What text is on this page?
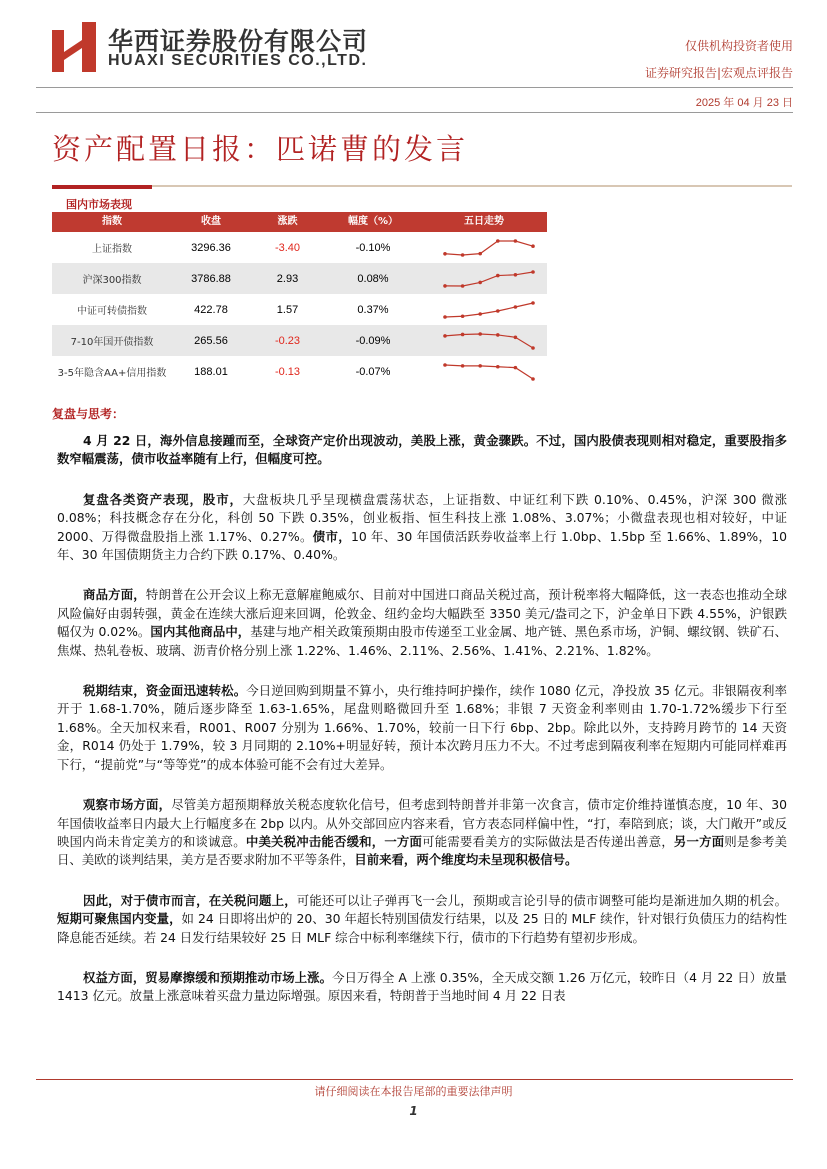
华西证券股份有限公司
HUAXI SECURITIES CO.,LTD.
仅供机构投资者使用
证券研究报告|宏观点评报告
2025 年 04 月 23 日
资产配置日报：匹诺曹的发言
国内市场表现
指数	收盘	涨跌	幅度（%）	五日走势
上证指数	3296.36	-3.40	-0.10%
沪深300指数	3786.88	2.93	0.08%
中证可转债指数	422.78	1.57	0.37%
7-10年国开债指数	265.56	-0.23	-0.09%
3-5年隐含AA+信用指数	188.01	-0.13	-0.07%
复盘与思考：

4 月 22 日，海外信息接踵而至，全球资产定价出现波动，美股上涨，黄金骤跌。不过，国内股债表现则相对稳定，重要股指多数窄幅震荡，债市收益率随有上行，但幅度可控。

复盘各类资产表现，股市，大盘板块几乎呈现横盘震荡状态，上证指数、中证红利下跌 0.10%、0.45%，沪深 300 微涨 0.08%；科技概念存在分化，科创 50 下跌 0.35%，创业板指、恒生科技上涨 1.08%、3.07%；小微盘表现也相对较好，中证 2000、万得微盘股指上涨 1.17%、0.27%。债市，10 年、30 年国债活跃券收益率上行 1.0bp、1.5bp 至 1.66%、1.89%，10 年、30 年国债期货主力合约下跌 0.17%、0.40%。

商品方面，特朗普在公开会议上称无意解雇鲍威尔、目前对中国进口商品关税过高，预计税率将大幅降低，这一表态也推动全球风险偏好由弱转强，黄金在连续大涨后迎来回调，伦敦金、纽约金均大幅跌至 3350 美元/盎司之下，沪金单日下跌 4.55%，沪银跌幅仅为 0.02%。国内其他商品中，基建与地产相关政策预期由股市传递至工业金属、地产链、黑色系市场，沪铜、螺纹钢、铁矿石、焦煤、热轧卷板、玻璃、沥青价格分别上涨 1.22%、1.46%、2.11%、2.56%、1.41%、2.21%、1.82%。

税期结束，资金面迅速转松。今日逆回购到期量不算小，央行维持呵护操作，续作 1080 亿元，净投放 35 亿元。非银隔夜利率开于 1.68-1.70%，随后逐步降至 1.63-1.65%，尾盘则略微回升至 1.68%；非银 7 天资金利率则由 1.70-1.72%缓步下行至 1.68%。全天加权来看，R001、R007 分别为 1.66%、1.70%，较前一日下行 6bp、2bp。除此以外，支持跨月跨节的 14 天资金，R014 仍处于 1.79%，较 3 月同期的 2.10%+明显好转，预计本次跨月压力不大。不过考虑到隔夜利率在短期内可能同样难再下行，“提前党”与“等等党”的成本体验可能不会有过大差异。

观察市场方面，尽管美方超预期释放关税态度软化信号，但考虑到特朗普并非第一次食言，债市定价维持谨慎态度，10 年、30 年国债收益率日内最大上行幅度多在 2bp 以内。从外交部回应内容来看，官方表态同样偏中性，“打，奉陪到底；谈，大门敞开”或反映国内尚未肯定美方的和谈诚意。中美关税冲击能否缓和，一方面可能需要看美方的实际做法是否传递出善意，另一方面则是参考美日、美欧的谈判结果，美方是否要求附加不平等条件，目前来看，两个维度均未呈现积极信号。

因此，对于债市而言，在关税问题上，可能还可以让子弹再飞一会儿，预期或言论引导的债市调整可能均是渐进加久期的机会。短期可聚焦国内变量，如 24 日即将出炉的 20、30 年超长特别国债发行结果，以及 25 日的 MLF 续作，针对银行负债压力的结构性降息能否延续。若 24 日发行结果较好 25 日 MLF 综合中标利率继续下行，债市的下行趋势有望初步形成。

权益方面，贸易摩擦缓和预期推动市场上涨。今日万得全 A 上涨 0.35%，全天成交额 1.26 万亿元，较昨日（4 月 22 日）放量 1413 亿元。放量上涨意味着买盘力量边际增强。原因来看，特朗普于当地时间 4 月 22 日表

请仔细阅读在本报告尾部的重要法律声明
1
